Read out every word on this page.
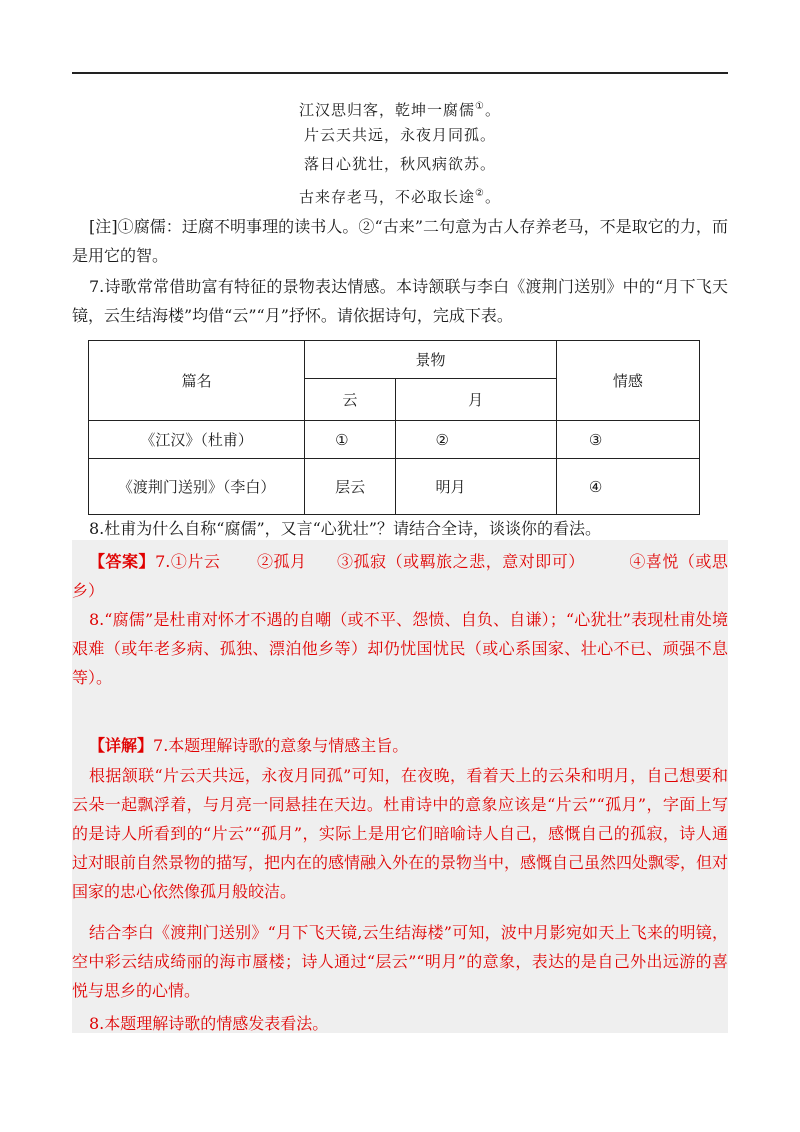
江汉思归客，乾坤一腐儒①。
片云天共远，永夜月同孤。
落日心犹壮，秋风病欲苏。
古来存老马，不必取长途②。
[注]①腐儒：迂腐不明事理的读书人。②“古来”二句意为古人存养老马，不是取它的力，而是用它的智。
7.诗歌常常借助富有特征的景物表达情感。本诗颔联与李白《渡荆门送别》中的“月下飞天镜，云生结海楼”均借“云”“月”抒怀。请依据诗句，完成下表。
篇名	景物		情感
	云	月	
《江汉》（杜甫）	①	②	③
《渡荆门送别》（李白）	层云	明月	④
8.杜甫为什么自称“腐儒”，又言“心犹壮”？请结合全诗，谈谈你的看法。
【答案】7.①片云 ②孤月 ③孤寂（或羁旅之悲，意对即可）	④喜悦（或思乡）
8.“腐儒”是杜甫对怀才不遇的自嘲（或不平、怨愤、自负、自谦）；“心犹壮”表现杜甫处境艰难（或年老多病、孤独、漂泊他乡等）却仍忧国忧民（或心系国家、壮心不已、顽强不息等）。
【详解】7.本题理解诗歌的意象与情感主旨。
根据颔联“片云天共远，永夜月同孤”可知，在夜晚，看着天上的云朵和明月，自己想要和云朵一起飘浮着，与月亮一同悬挂在天边。杜甫诗中的意象应该是“片云”“孤月”，字面上写的是诗人所看到的“片云”“孤月”，实际上是用它们暗喻诗人自己，感慨自己的孤寂，诗人通过对眼前自然景物的描写，把内在的感情融入外在的景物当中，感慨自己虽然四处飘零，但对国家的忠心依然像孤月般皎洁。
结合李白《渡荆门送别》“月下飞天镜,云生结海楼”可知，波中月影宛如天上飞来的明镜，空中彩云结成绮丽的海市蜃楼；诗人通过“层云”“明月”的意象，表达的是自己外出远游的喜悦与思乡的心情。
8.本题理解诗歌的情感发表看法。
